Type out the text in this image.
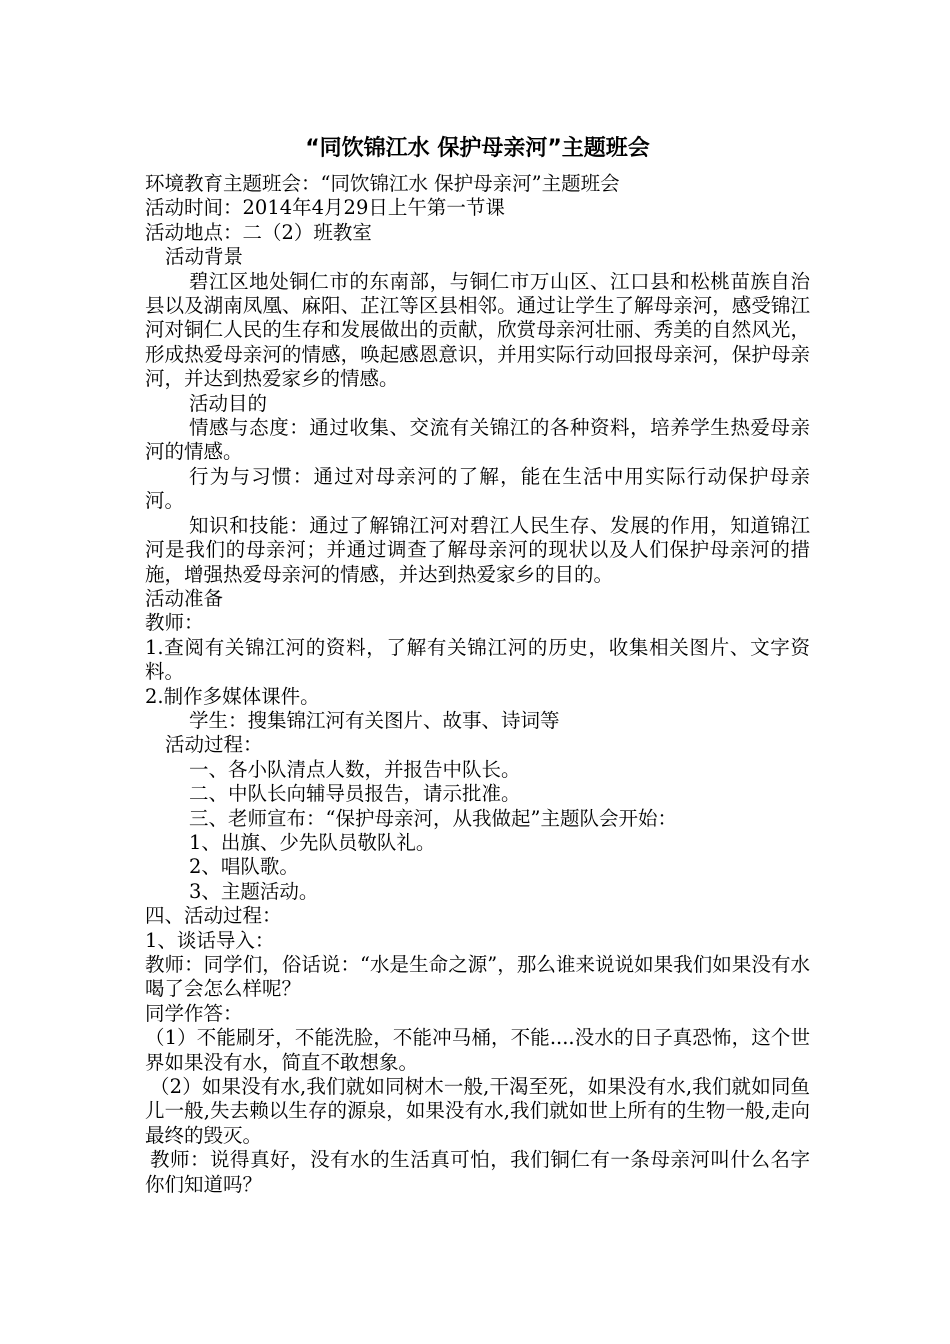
“同饮锦江水 保护母亲河”主题班会

环境教育主题班会：“同饮锦江水 保护母亲河”主题班会

活动时间：2014年4月29日上午第一节课

活动地点：二（2）班教室

活动背景

碧江区地处铜仁市的东南部，与铜仁市万山区、江口县和松桃苗族自治县以及湖南凤凰、麻阳、芷江等区县相邻。通过让学生了解母亲河，感受锦江河对铜仁人民的生存和发展做出的贡献，欣赏母亲河壮丽、秀美的自然风光，形成热爱母亲河的情感，唤起感恩意识，并用实际行动回报母亲河，保护母亲河，并达到热爱家乡的情感。

活动目的

情感与态度：通过收集、交流有关锦江的各种资料，培养学生热爱母亲河的情感。

行为与习惯：通过对母亲河的了解，能在生活中用实际行动保护母亲河。

知识和技能：通过了解锦江河对碧江人民生存、发展的作用，知道锦江河是我们的母亲河；并通过调查了解母亲河的现状以及人们保护母亲河的措施，增强热爱母亲河的情感，并达到热爱家乡的目的。

活动准备

教师：

1.查阅有关锦江河的资料，了解有关锦江河的历史，收集相关图片、文字资料。

2.制作多媒体课件。

学生：搜集锦江河有关图片、故事、诗词等

活动过程：

一、各小队清点人数，并报告中队长。

二、中队长向辅导员报告，请示批准。

三、老师宣布：“保护母亲河，从我做起”主题队会开始：

1、出旗、少先队员敬队礼。

2、唱队歌。

3、主题活动。

四、活动过程：

1、谈话导入：

教师：同学们，俗话说：“水是生命之源”，那么谁来说说如果我们如果没有水喝了会怎么样呢？

同学作答：

（1）不能刷牙，不能洗脸，不能冲马桶，不能....没水的日子真恐怖，这个世界如果没有水，简直不敢想象。

（2）如果没有水,我们就如同树木一般,干渴至死，如果没有水,我们就如同鱼儿一般,失去赖以生存的源泉，如果没有水,我们就如世上所有的生物一般,走向最终的毁灭。

教师：说得真好，没有水的生活真可怕，我们铜仁有一条母亲河叫什么名字你们知道吗？
